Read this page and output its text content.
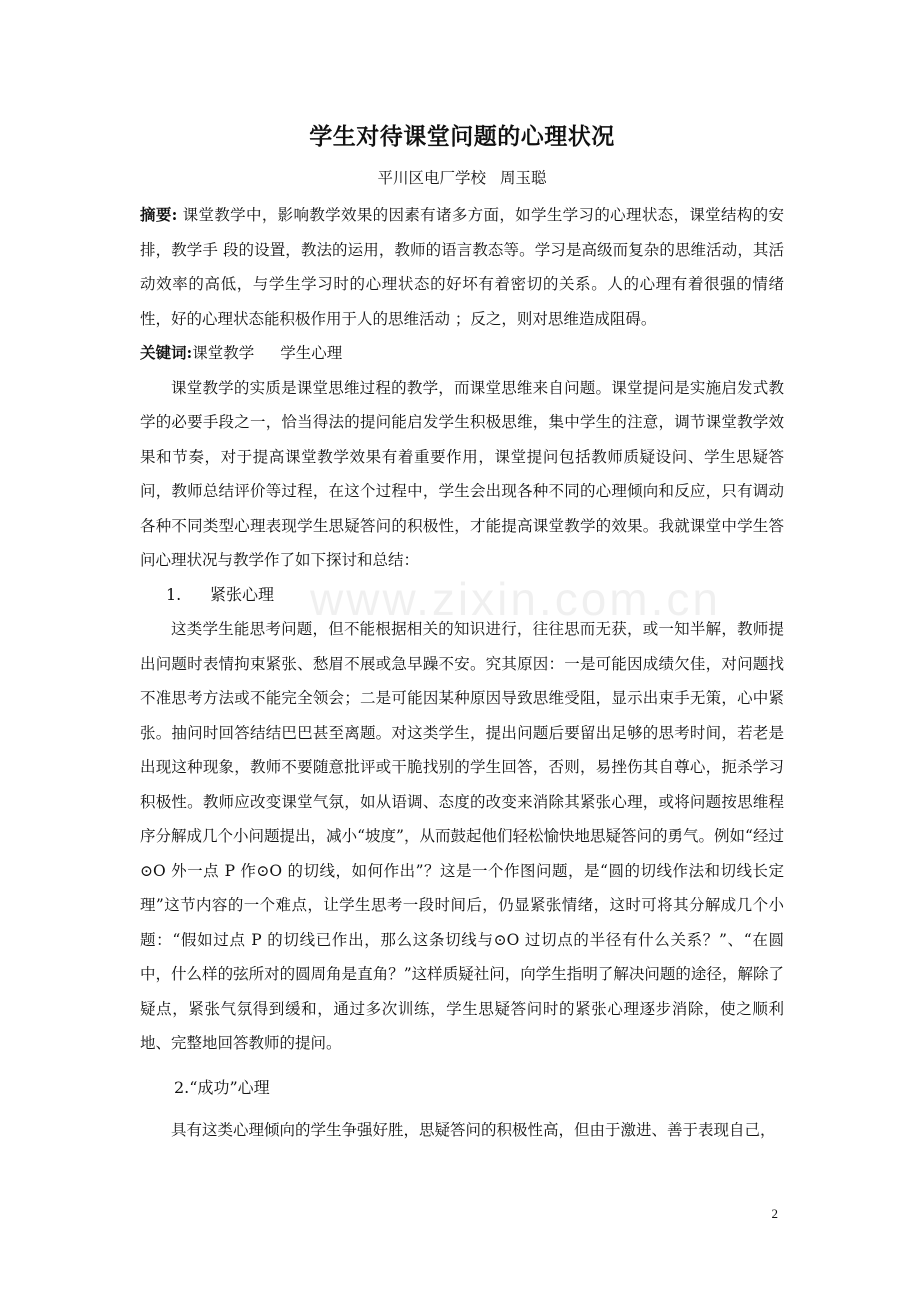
www.zixin.com.cn
学生对待课堂问题的心理状况

平川区电厂学校 周玉聪

摘要: 课堂教学中，影响教学效果的因素有诸多方面，如学生学习的心理状态，课堂结构的安排，教学手 段的设置，教法的运用，教师的语言教态等。学习是高级而复杂的思维活动，其活动效率的高低，与学生学习时的心理状态的好坏有着密切的关系。人的心理有着很强的情绪性，好的心理状态能积极作用于人的思维活动 ；反之，则对思维造成阻碍。

关键词:课堂教学 学生心理

课堂教学的实质是课堂思维过程的教学，而课堂思维来自问题。课堂提问是实施启发式教学的必要手段之一，恰当得法的提问能启发学生积极思维，集中学生的注意，调节课堂教学效果和节奏，对于提高课堂教学效果有着重要作用，课堂提问包括教师质疑设问、学生思疑答问，教师总结评价等过程，在这个过程中，学生会出现各种不同的心理倾向和反应，只有调动各种不同类型心理表现学生思疑答问的积极性，才能提高课堂教学的效果。我就课堂中学生答问心理状况与教学作了如下探讨和总结：

1. 紧张心理

这类学生能思考问题，但不能根据相关的知识进行，往往思而无获，或一知半解，教师提出问题时表情拘束紧张、愁眉不展或急早躁不安。究其原因：一是可能因成绩欠佳，对问题找不准思考方法或不能完全领会；二是可能因某种原因导致思维受阻，显示出束手无策，心中紧张。抽问时回答结结巴巴甚至离题。对这类学生，提出问题后要留出足够的思考时间，若老是出现这种现象，教师不要随意批评或干脆找别的学生回答，否则，易挫伤其自尊心，扼杀学习积极性。教师应改变课堂气氛，如从语调、态度的改变来消除其紧张心理，或将问题按思维程序分解成几个小问题提出，减小“坡度”，从而鼓起他们轻松愉快地思疑答问的勇气。例如“经过⊙O 外一点 P 作⊙O 的切线，如何作出”？这是一个作图问题，是“圆的切线作法和切线长定理”这节内容的一个难点，让学生思考一段时间后，仍显紧张情绪，这时可将其分解成几个小题：“假如过点 P 的切线已作出，那么这条切线与⊙O 过切点的半径有什么关系？”、“在圆中，什么样的弦所对的圆周角是直角？”这样质疑社问，向学生指明了解决问题的途径，解除了疑点，紧张气氛得到缓和，通过多次训练，学生思疑答问时的紧张心理逐步消除，使之顺利地、完整地回答教师的提问。

2.“成功”心理

具有这类心理倾向的学生争强好胜，思疑答问的积极性高，但由于激进、善于表现自己，

2
